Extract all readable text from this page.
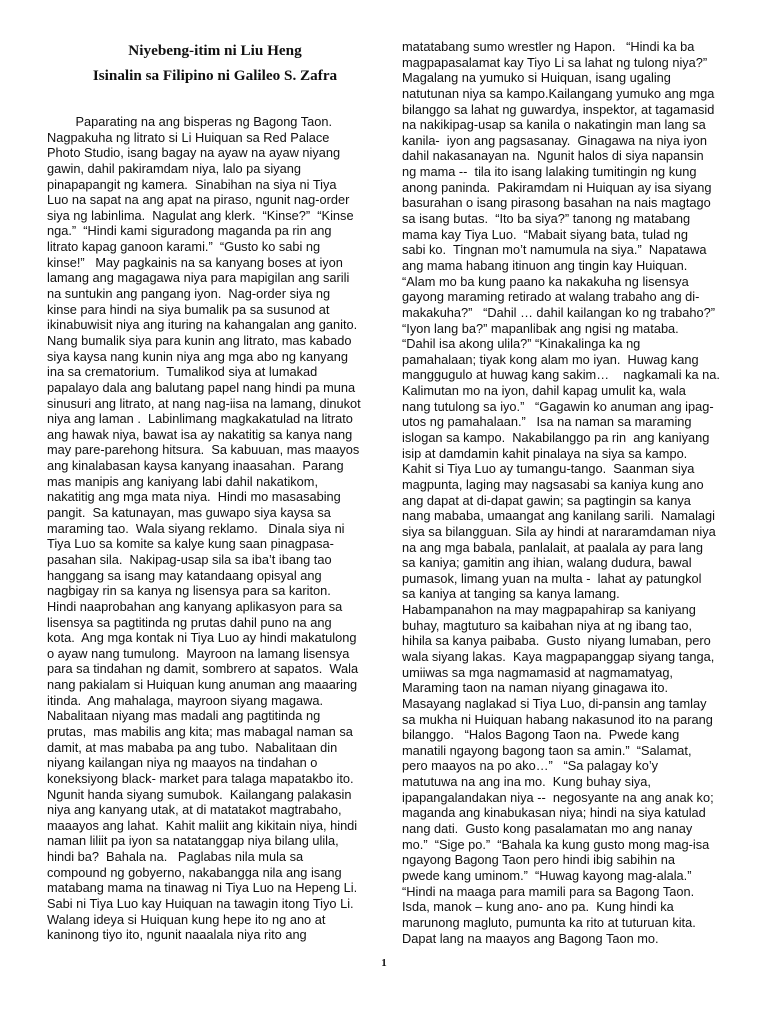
Niyebeng-itim ni Liu Heng
Isinalin sa Filipino ni Galileo S. Zafra
Paparating na ang bisperas ng Bagong Taon.
Nagpakuha ng litrato si Li Huiquan sa Red Palace
Photo Studio, isang bagay na ayaw na ayaw niyang
gawin, dahil pakiramdam niya, lalo pa siyang
pinapapangit ng kamera.  Sinabihan na siya ni Tiya
Luo na sapat na ang apat na piraso, ngunit nag-order
siya ng labinlima.  Nagulat ang klerk.  “Kinse?”  “Kinse
nga.”  “Hindi kami siguradong maganda pa rin ang
litrato kapag ganoon karami.”  “Gusto ko sabi ng
kinse!”   May pagkainis na sa kanyang boses at iyon
lamang ang magagawa niya para mapigilan ang sarili
na suntukin ang pangang iyon.  Nag-order siya ng
kinse para hindi na siya bumalik pa sa susunod at
ikinabuwisit niya ang ituring na kahangalan ang ganito.
Nang bumalik siya para kunin ang litrato, mas kabado
siya kaysa nang kunin niya ang mga abo ng kanyang
ina sa crematorium.  Tumalikod siya at lumakad
papalayo dala ang balutang papel nang hindi pa muna
sinusuri ang litrato, at nang nag-iisa na lamang, dinukot
niya ang laman .  Labinlimang magkakatulad na litrato
ang hawak niya, bawat isa ay nakatitig sa kanya nang
may pare-parehong hitsura.  Sa kabuuan, mas maayos
ang kinalabasan kaysa kanyang inaasahan.  Parang
mas manipis ang kaniyang labi dahil nakatikom,
nakatitig ang mga mata niya.  Hindi mo masasabing
pangit.  Sa katunayan, mas guwapo siya kaysa sa
maraming tao.  Wala siyang reklamo.   Dinala siya ni
Tiya Luo sa komite sa kalye kung saan pinagpasa-
pasahan sila.  Nakipag-usap sila sa iba’t ibang tao
hanggang sa isang may katandaang opisyal ang
nagbigay rin sa kanya ng lisensya para sa kariton.
Hindi naaprobahan ang kanyang aplikasyon para sa
lisensya sa pagtitinda ng prutas dahil puno na ang
kota.  Ang mga kontak ni Tiya Luo ay hindi makatulong
o ayaw nang tumulong.  Mayroon na lamang lisensya
para sa tindahan ng damit, sombrero at sapatos.  Wala
nang pakialam si Huiquan kung anuman ang maaaring
itinda.  Ang mahalaga, mayroon siyang magawa.
Nabalitaan niyang mas madali ang pagtitinda ng
prutas,  mas mabilis ang kita; mas mabagal naman sa
damit, at mas mababa pa ang tubo.  Nabalitaan din
niyang kailangan niya ng maayos na tindahan o
koneksiyong black- market para talaga mapatakbo ito.
Ngunit handa siyang sumubok.  Kailangang palakasin
niya ang kanyang utak, at di matatakot magtrabaho,
maaayos ang lahat.  Kahit maliit ang kikitain niya, hindi
naman liliit pa iyon sa natatanggap niya bilang ulila,
hindi ba?  Bahala na.   Paglabas nila mula sa
compound ng gobyerno, nakabangga nila ang isang
matabang mama na tinawag ni Tiya Luo na Hepeng Li.
Sabi ni Tiya Luo kay Huiquan na tawagin itong Tiyo Li.
Walang ideya si Huiquan kung hepe ito ng ano at
kaninong tiyo ito, ngunit naaalala niya rito ang
matatabang sumo wrestler ng Hapon.   “Hindi ka ba
magpapasalamat kay Tiyo Li sa lahat ng tulong niya?”
Magalang na yumuko si Huiquan, isang ugaling
natutunan niya sa kampo.Kailangang yumuko ang mga
bilanggo sa lahat ng guwardya, inspektor, at tagamasid
na nakikipag-usap sa kanila o nakatingin man lang sa
kanila-  iyon ang pagsasanay.  Ginagawa na niya iyon
dahil nakasanayan na.  Ngunit halos di siya napansin
ng mama --  tila ito isang lalaking tumitingin ng kung
anong paninda.  Pakiramdam ni Huiquan ay isa siyang
basurahan o isang pirasong basahan na nais magtago
sa isang butas.  “Ito ba siya?” tanong ng matabang
mama kay Tiya Luo.  “Mabait siyang bata, tulad ng
sabi ko.  Tingnan mo’t namumula na siya.”  Napatawa
ang mama habang itinuon ang tingin kay Huiquan.
“Alam mo ba kung paano ka nakakuha ng lisensya
gayong maraming retirado at walang trabaho ang di-
makakuha?”   “Dahil … dahil kailangan ko ng trabaho?”
“Iyon lang ba?” mapanlibak ang ngisi ng mataba.
“Dahil isa akong ulila?” “Kinakalinga ka ng
pamahalaan; tiyak kong alam mo iyan.  Huwag kang
manggugulo at huwag kang sakim…    nagkamali ka na.
Kalimutan mo na iyon, dahil kapag umulit ka, wala
nang tutulong sa iyo.”   “Gagawin ko anuman ang ipag-
utos ng pamahalaan.”   Isa na naman sa maraming
islogan sa kampo.  Nakabilanggo pa rin  ang kaniyang
isip at damdamin kahit pinalaya na siya sa kampo.
Kahit si Tiya Luo ay tumangu-tango.  Saanman siya
magpunta, laging may nagsasabi sa kaniya kung ano
ang dapat at di-dapat gawin; sa pagtingin sa kanya
nang mababa, umaangat ang kanilang sarili.  Namalagi
siya sa bilangguan. Sila ay hindi at nararamdaman niya
na ang mga babala, panlalait, at paalala ay para lang
sa kaniya; gamitin ang ihian, walang dudura, bawal
pumasok, limang yuan na multa -  lahat ay patungkol
sa kaniya at tanging sa kanya lamang.
Habampanahon na may magpapahirap sa kaniyang
buhay, magtuturo sa kaibahan niya at ng ibang tao,
hihila sa kanya paibaba.  Gusto  niyang lumaban, pero
wala siyang lakas.  Kaya magpapanggap siyang tanga,
umiiwas sa mga nagmamasid at nagmamatyag,
Maraming taon na naman niyang ginagawa ito.
Masayang naglakad si Tiya Luo, di-pansin ang tamlay
sa mukha ni Huiquan habang nakasunod ito na parang
bilanggo.   “Halos Bagong Taon na.  Pwede kang
manatili ngayong bagong taon sa amin.”  “Salamat,
pero maayos na po ako…”   “Sa palagay ko’y
matutuwa na ang ina mo.  Kung buhay siya,
ipapangalandakan niya --  negosyante na ang anak ko;
maganda ang kinabukasan niya; hindi na siya katulad
nang dati.  Gusto kong pasalamatan mo ang nanay
mo.”  “Sige po.”  “Bahala ka kung gusto mong mag-isa
ngayong Bagong Taon pero hindi ibig sabihin na
pwede kang uminom.”  “Huwag kayong mag-alala.”
“Hindi na maaga para mamili para sa Bagong Taon.
Isda, manok – kung ano- ano pa.  Kung hindi ka
marunong magluto, pumunta ka rito at tuturuan kita.
Dapat lang na maayos ang Bagong Taon mo.
1
